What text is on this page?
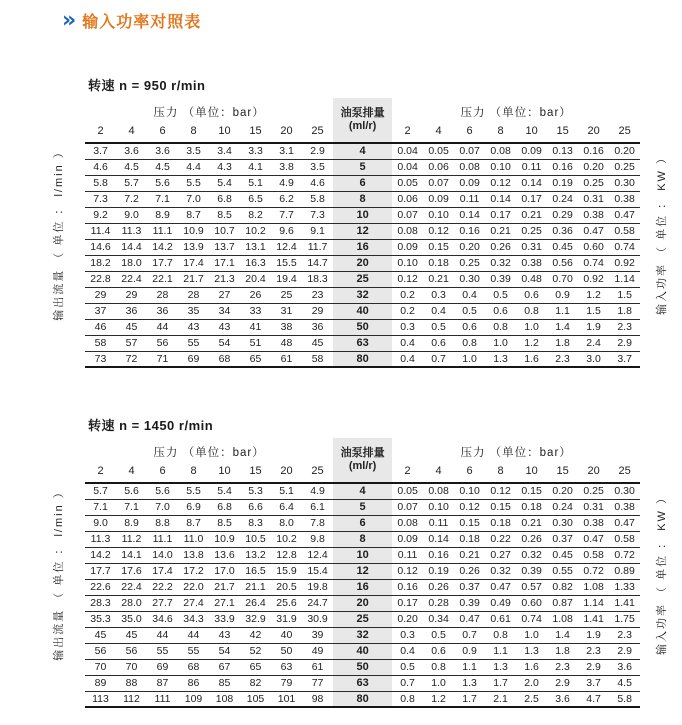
» 输入功率对照表
转速 n = 950 r/min
输出流量 （ 单位 ： l/min ）
压力 （单位：bar）								油泵排量
(ml/r)	压力 （单位：bar）							
2	4	6	8	10	15	20	25		2	4	6	8	10	15	20	25
3.7	3.6	3.6	3.5	3.4	3.3	3.1	2.9	4	0.04	0.05	0.07	0.08	0.09	0.13	0.16	0.20
4.6	4.5	4.5	4.4	4.3	4.1	3.8	3.5	5	0.04	0.06	0.08	0.10	0.11	0.16	0.20	0.25
5.8	5.7	5.6	5.5	5.4	5.1	4.9	4.6	6	0.05	0.07	0.09	0.12	0.14	0.19	0.25	0.30
7.3	7.2	7.1	7.0	6.8	6.5	6.2	5.8	8	0.06	0.09	0.11	0.14	0.17	0.24	0.31	0.38
9.2	9.0	8.9	8.7	8.5	8.2	7.7	7.3	10	0.07	0.10	0.14	0.17	0.21	0.29	0.38	0.47
11.4	11.3	11.1	10.9	10.7	10.2	9.6	9.1	12	0.08	0.12	0.16	0.21	0.25	0.36	0.47	0.58
14.6	14.4	14.2	13.9	13.7	13.1	12.4	11.7	16	0.09	0.15	0.20	0.26	0.31	0.45	0.60	0.74
18.2	18.0	17.7	17.4	17.1	16.3	15.5	14.7	20	0.10	0.18	0.25	0.32	0.38	0.56	0.74	0.92
22.8	22.4	22.1	21.7	21.3	20.4	19.4	18.3	25	0.12	0.21	0.30	0.39	0.48	0.70	0.92	1.14
29	29	28	28	27	26	25	23	32	0.2	0.3	0.4	0.5	0.6	0.9	1.2	1.5
37	36	36	35	34	33	31	29	40	0.2	0.4	0.5	0.6	0.8	1.1	1.5	1.8
46	45	44	43	43	41	38	36	50	0.3	0.5	0.6	0.8	1.0	1.4	1.9	2.3
58	57	56	55	54	51	48	45	63	0.4	0.6	0.8	1.0	1.2	1.8	2.4	2.9
73	72	71	69	68	65	61	58	80	0.4	0.7	1.0	1.3	1.6	2.3	3.0	3.7
输入功率 （ 单位 ： KW ）
转速 n = 1450 r/min
输出流量 （ 单位 ： l/min ）
压力 （单位：bar）								油泵排量
(ml/r)	压力 （单位：bar）							
2	4	6	8	10	15	20	25		2	4	6	8	10	15	20	25
5.7	5.6	5.6	5.5	5.4	5.3	5.1	4.9	4	0.05	0.08	0.10	0.12	0.15	0.20	0.25	0.30
7.1	7.1	7.0	6.9	6.8	6.6	6.4	6.1	5	0.07	0.10	0.12	0.15	0.18	0.24	0.31	0.38
9.0	8.9	8.8	8.7	8.5	8.3	8.0	7.8	6	0.08	0.11	0.15	0.18	0.21	0.30	0.38	0.47
11.3	11.2	11.1	11.0	10.9	10.5	10.2	9.8	8	0.09	0.14	0.18	0.22	0.26	0.37	0.47	0.58
14.2	14.1	14.0	13.8	13.6	13.2	12.8	12.4	10	0.11	0.16	0.21	0.27	0.32	0.45	0.58	0.72
17.7	17.6	17.4	17.2	17.0	16.5	15.9	15.4	12	0.12	0.19	0.26	0.32	0.39	0.55	0.72	0.89
22.6	22.4	22.2	22.0	21.7	21.1	20.5	19.8	16	0.16	0.26	0.37	0.47	0.57	0.82	1.08	1.33
28.3	28.0	27.7	27.4	27.1	26.4	25.6	24.7	20	0.17	0.28	0.39	0.49	0.60	0.87	1.14	1.41
35.3	35.0	34.6	34.3	33.9	32.9	31.9	30.9	25	0.20	0.34	0.47	0.61	0.74	1.08	1.41	1.75
45	45	44	44	43	42	40	39	32	0.3	0.5	0.7	0.8	1.0	1.4	1.9	2.3
56	56	55	55	54	52	50	49	40	0.4	0.6	0.9	1.1	1.3	1.8	2.3	2.9
70	70	69	68	67	65	63	61	50	0.5	0.8	1.1	1.3	1.6	2.3	2.9	3.6
89	88	87	86	85	82	79	77	63	0.7	1.0	1.3	1.7	2.0	2.9	3.7	4.5
113	112	111	109	108	105	101	98	80	0.8	1.2	1.7	2.1	2.5	3.6	4.7	5.8
输入功率 （ 单位 ： KW ）
